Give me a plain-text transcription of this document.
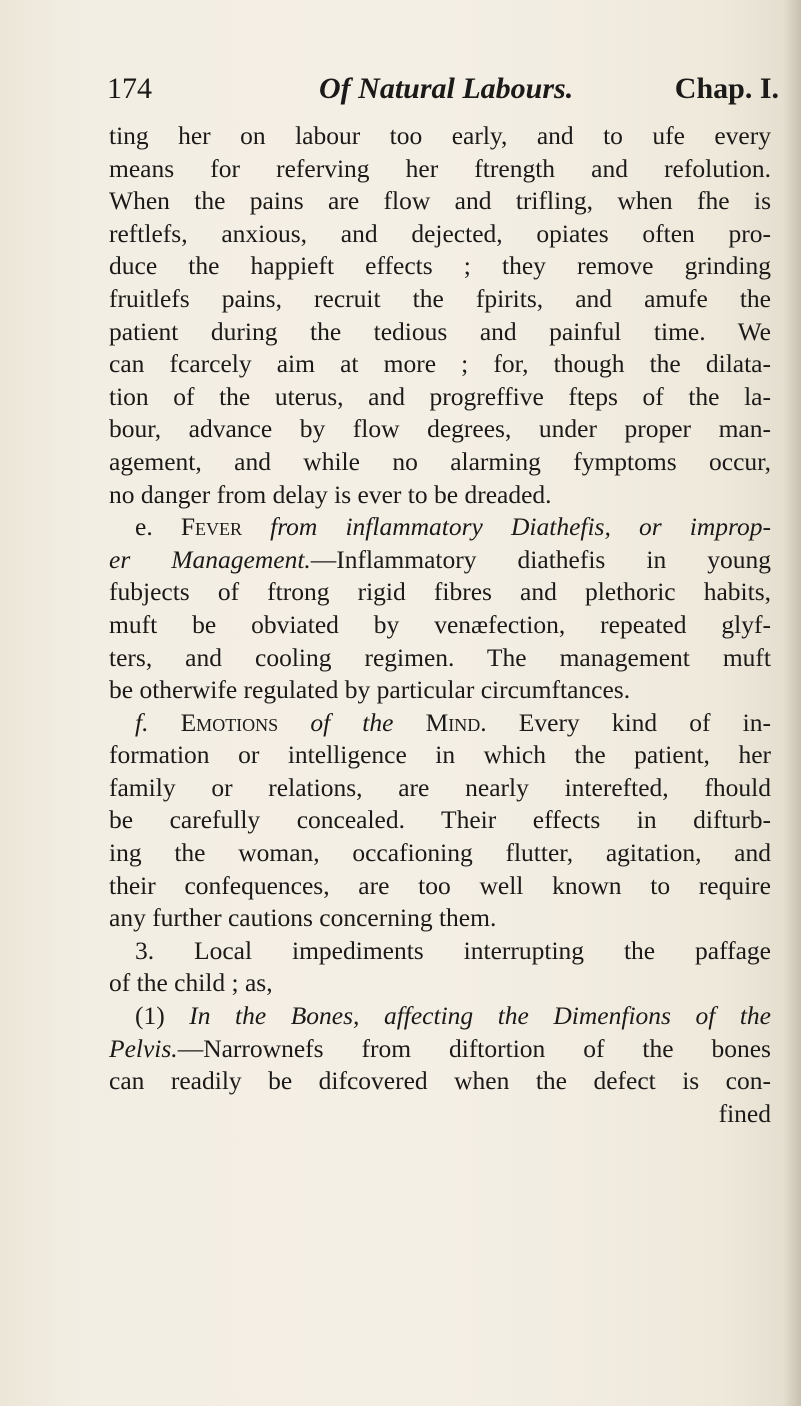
174	Of Natural Labours.	Chap. I.
ting her on labour too early, and to ufe every
means for referving her ftrength and refolution.
When the pains are flow and trifling, when fhe is
reftlefs, anxious, and dejected, opiates often pro-
duce the happieft effects ; they remove grinding
fruitlefs pains, recruit the fpirits, and amufe the
patient during the tedious and painful time. We
can fcarcely aim at more ; for, though the dilata-
tion of the uterus, and progreffive fteps of the la-
bour, advance by flow degrees, under proper man-
agement, and while no alarming fymptoms occur,
no danger from delay is ever to be dreaded.
e. Fever from inflammatory Diathefis, or improp-
er Management.—Inflammatory diathefis in young
fubjects of ftrong rigid fibres and plethoric habits,
muft be obviated by venæfection, repeated glyf-
ters, and cooling regimen. The management muft
be otherwife regulated by particular circumftances.
f. Emotions of the Mind. Every kind of in-
formation or intelligence in which the patient, her
family or relations, are nearly interefted, fhould
be carefully concealed. Their effects in difturb-
ing the woman, occafioning flutter, agitation, and
their confequences, are too well known to require
any further cautions concerning them.
3. Local impediments interrupting the paffage
of the child ; as,
(1) In the Bones, affecting the Dimenfions of the
Pelvis.—Narrownefs from diftortion of the bones
can readily be difcovered when the defect is con-
fined
